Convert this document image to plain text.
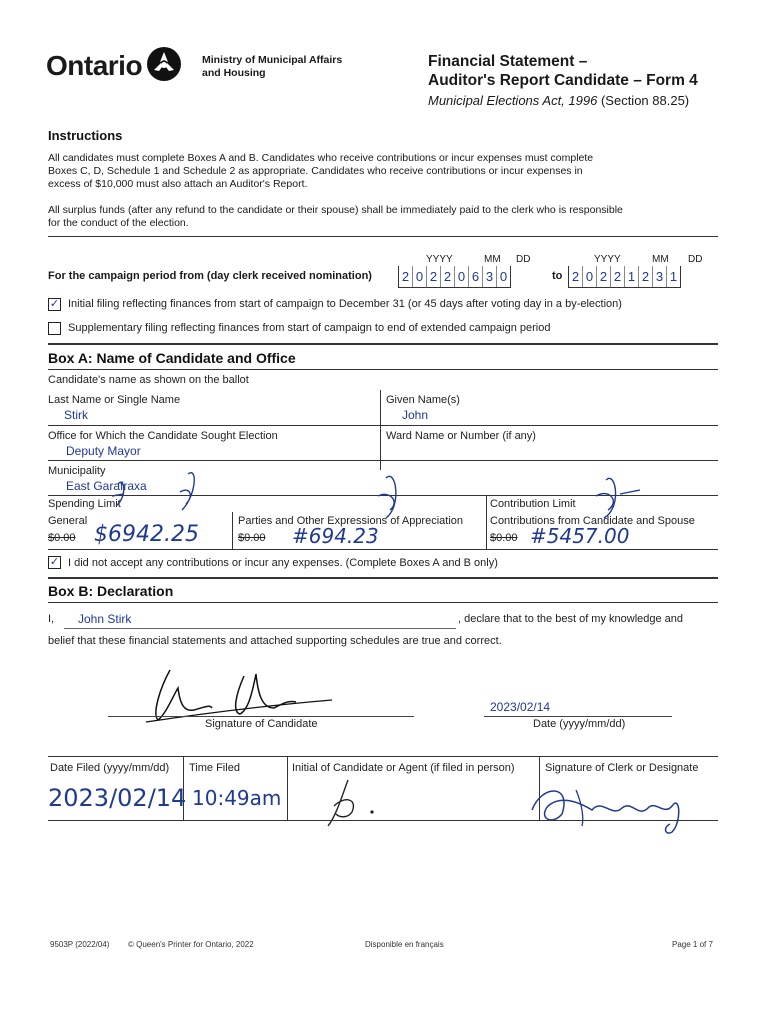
Ontario	Ministry of Municipal Affairs
and Housing
Financial Statement –
Auditor's Report Candidate – Form 4
Municipal Elections Act, 1996 (Section 88.25)
Instructions
All candidates must complete Boxes A and B. Candidates who receive contributions or incur expenses must complete
Boxes C, D, Schedule 1 and Schedule 2 as appropriate. Candidates who receive contributions or incur expenses in
excess of $10,000 must also attach an Auditor's Report.
All surplus funds (after any refund to the candidate or their spouse) shall be immediately paid to the clerk who is responsible
for the conduct of the election.
YYYY	MM DD	YYYY	MM DD
For the campaign period from (day clerk received nomination) 2 0 2 2 0 6 3 0	to 2 0 2 2 1 2 3 1
✓ Initial filing reflecting finances from start of campaign to December 31 (or 45 days after voting day in a by-election)
Supplementary filing reflecting finances from start of campaign to end of extended campaign period
Box A: Name of Candidate and Office
Candidate's name as shown on the ballot
Last Name or Single Name
Stirk
Given Name(s)
John
Office for Which the Candidate Sought Election
Deputy Mayor
Ward Name or Number (if any)
Municipality
East Garafraxa
Spending Limit	Contribution Limit
General
$0.00 $6942.25
Parties and Other Expressions of Appreciation
$0.00 #694.23
Contributions from Candidate and Spouse
$0.00 #5457.00
✓ I did not accept any contributions or incur any expenses. (Complete Boxes A and B only)
Box B: Declaration
I, John Stirk	, declare that to the best of my knowledge and
belief that these financial statements and attached supporting schedules are true and correct.
Signature of Candidate
2023/02/14
Date (yyyy/mm/dd)
Date Filed (yyyy/mm/dd) Time Filed	Initial of Candidate or Agent (if filed in person)	Signature of Clerk or Designate
2023/02/14 10:49am
9503P (2022/04) © Queen's Printer for Ontario, 2022	Disponible en français	Page 1 of 7
